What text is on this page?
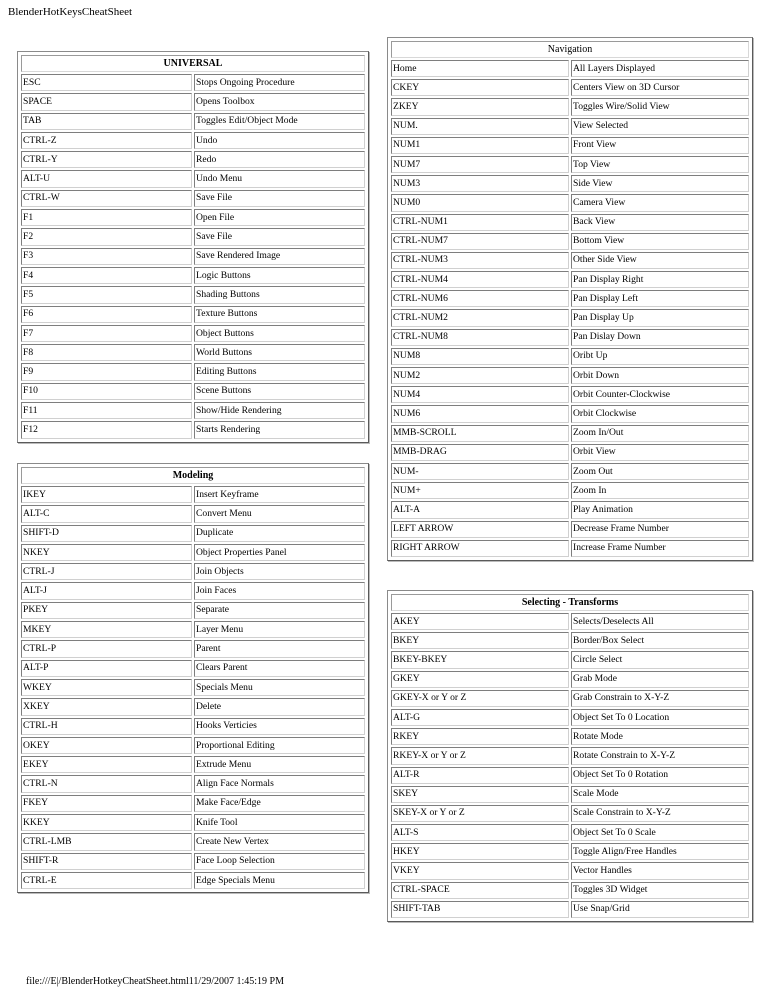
BlenderHotKeysCheatSheet
UNIVERSAL	
ESC	Stops Ongoing Procedure
SPACE	Opens Toolbox
TAB	Toggles Edit/Object Mode
CTRL-Z	Undo
CTRL-Y	Redo
ALT-U	Undo Menu
CTRL-W	Save File
F1	Open File
F2	Save File
F3	Save Rendered Image
F4	Logic Buttons
F5	Shading Buttons
F6	Texture Buttons
F7	Object Buttons
F8	World Buttons
F9	Editing Buttons
F10	Scene Buttons
F11	Show/Hide Rendering
F12	Starts Rendering
Modeling	
IKEY	Insert Keyframe
ALT-C	Convert Menu
SHIFT-D	Duplicate
NKEY	Object Properties Panel
CTRL-J	Join Objects
ALT-J	Join Faces
PKEY	Separate
MKEY	Layer Menu
CTRL-P	Parent
ALT-P	Clears Parent
WKEY	Specials Menu
XKEY	Delete
CTRL-H	Hooks Verticies
OKEY	Proportional Editing
EKEY	Extrude Menu
CTRL-N	Align Face Normals
FKEY	Make Face/Edge
KKEY	Knife Tool
CTRL-LMB	Create New Vertex
SHIFT-R	Face Loop Selection
CTRL-E	Edge Specials Menu
Navigation	
Home	All Layers Displayed
CKEY	Centers View on 3D Cursor
ZKEY	Toggles Wire/Solid View
NUM.	View Selected
NUM1	Front View
NUM7	Top View
NUM3	Side View
NUM0	Camera View
CTRL-NUM1	Back View
CTRL-NUM7	Bottom View
CTRL-NUM3	Other Side View
CTRL-NUM4	Pan Display Right
CTRL-NUM6	Pan Display Left
CTRL-NUM2	Pan Display Up
CTRL-NUM8	Pan Dislay Down
NUM8	Oribt Up
NUM2	Orbit Down
NUM4	Orbit Counter-Clockwise
NUM6	Orbit Clockwise
MMB-SCROLL	Zoom In/Out
MMB-DRAG	Orbit View
NUM-	Zoom Out
NUM+	Zoom In
ALT-A	Play Animation
LEFT ARROW	Decrease Frame Number
RIGHT ARROW	Increase Frame Number
Selecting - Transforms	
AKEY	Selects/Deselects All
BKEY	Border/Box Select
BKEY-BKEY	Circle Select
GKEY	Grab Mode
GKEY-X or Y or Z	Grab Constrain to X-Y-Z
ALT-G	Object Set To 0 Location
RKEY	Rotate Mode
RKEY-X or Y or Z	Rotate Constrain to X-Y-Z
ALT-R	Object Set To 0 Rotation
SKEY	Scale Mode
SKEY-X or Y or Z	Scale Constrain to X-Y-Z
ALT-S	Object Set To 0 Scale
HKEY	Toggle Align/Free Handles
VKEY	Vector Handles
CTRL-SPACE	Toggles 3D Widget
SHIFT-TAB	Use Snap/Grid
file:///E|/BlenderHotkeyCheatSheet.html11/29/2007 1:45:19 PM
